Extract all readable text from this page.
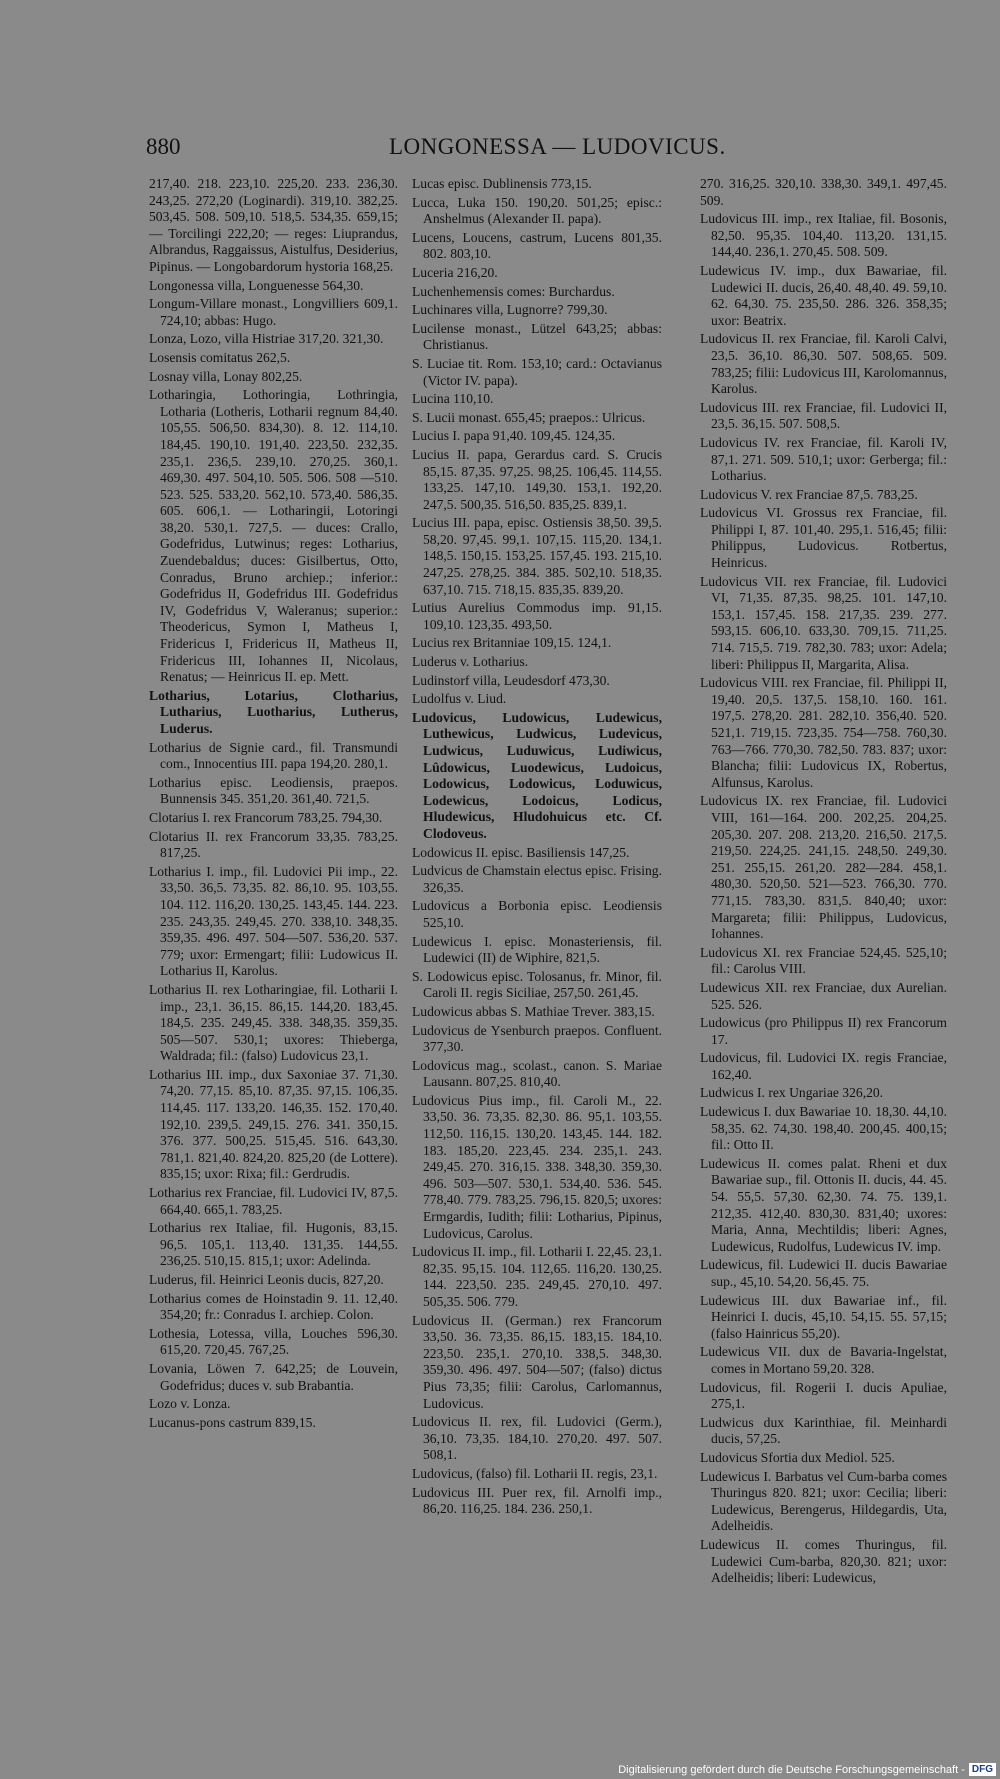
880	LONGONESSA — LUDOVICUS.

217,40. 218. 223,10. 225,20. 233. 236,30. 243,25. 272,20 (Loginardi). 319,10. 382,25. 503,45. 508. 509,10. 518,5. 534,35. 659,15; — Torcilingi 222,20; — reges: Liuprandus, Albrandus, Raggaissus, Aistulfus, Desiderius, Pipinus. — Longobardorum hystoria 168,25.

Longonessa villa, Longuenesse 564,30.

Longum-Villare monast., Longvilliers 609,1. 724,10; abbas: Hugo.

Lonza, Lozo, villa Histriae 317,20. 321,30.

Losensis comitatus 262,5.

Losnay villa, Lonay 802,25.

Lotharingia, Lothoringia, Lothringia, Lotharia (Lotheris, Lotharii regnum 84,40. 105,55. 506,50. 834,30). 8. 12. 114,10. 184,45. 190,10. 191,40. 223,50. 232,35. 235,1. 236,5. 239,10. 270,25. 360,1. 469,30. 497. 504,10. 505. 506. 508 —510. 523. 525. 533,20. 562,10. 573,40. 586,35. 605. 606,1. — Lotharingii, Lotoringi 38,20. 530,1. 727,5. — duces: Crallo, Godefridus, Lutwinus; reges: Lotharius, Zuendebaldus; duces: Gisilbertus, Otto, Conradus, Bruno archiep.; inferior.: Godefridus II, Godefridus III. Godefridus IV, Godefridus V, Waleranus; superior.: Theodericus, Symon I, Matheus I, Fridericus I, Fridericus II, Matheus II, Fridericus III, Iohannes II, Nicolaus, Renatus; — Heinricus II. ep. Mett.

Lotharius, Lotarius, Clotharius, Lutharius, Luotharius, Lutherus, Luderus.

Lotharius de Signie card., fil. Transmundi com., Innocentius III. papa 194,20. 280,1.

Lotharius episc. Leodiensis, praepos. Bunnensis 345. 351,20. 361,40. 721,5.

Clotarius I. rex Francorum 783,25. 794,30.

Clotarius II. rex Francorum 33,35. 783,25. 817,25.

Lotharius I. imp., fil. Ludovici Pii imp., 22. 33,50. 36,5. 73,35. 82. 86,10. 95. 103,55. 104. 112. 116,20. 130,25. 143,45. 144. 223. 235. 243,35. 249,45. 270. 338,10. 348,35. 359,35. 496. 497. 504—507. 536,20. 537. 779; uxor: Ermengart; filii: Ludowicus II. Lotharius II, Karolus.

Lotharius II. rex Lotharingiae, fil. Lotharii I. imp., 23,1. 36,15. 86,15. 144,20. 183,45. 184,5. 235. 249,45. 338. 348,35. 359,35. 505—507. 530,1; uxores: Thieberga, Waldrada; fil.: (falso) Ludovicus 23,1.

Lotharius III. imp., dux Saxoniae 37. 71,30. 74,20. 77,15. 85,10. 87,35. 97,15. 106,35. 114,45. 117. 133,20. 146,35. 152. 170,40. 192,10. 239,5. 249,15. 276. 341. 350,15. 376. 377. 500,25. 515,45. 516. 643,30. 781,1. 821,40. 824,20. 825,20 (de Lottere). 835,15; uxor: Rixa; fil.: Gerdrudis.

Lotharius rex Franciae, fil. Ludovici IV, 87,5. 664,40. 665,1. 783,25.

Lotharius rex Italiae, fil. Hugonis, 83,15. 96,5. 105,1. 113,40. 131,35. 144,55. 236,25. 510,15. 815,1; uxor: Adelinda.

Luderus, fil. Heinrici Leonis ducis, 827,20.

Lotharius comes de Hoinstadin 9. 11. 12,40. 354,20; fr.: Conradus I. archiep. Colon.

Lothesia, Lotessa, villa, Louches 596,30. 615,20. 720,45. 767,25.

Lovania, Löwen 7. 642,25; de Louvein, Godefridus; duces v. sub Brabantia.

Lozo v. Lonza.

Lucanus-pons castrum 839,15.

Lucas episc. Dublinensis 773,15.

Lucca, Luka 150. 190,20. 501,25; episc.: Anshelmus (Alexander II. papa).

Lucens, Loucens, castrum, Lucens 801,35. 802. 803,10.

Luceria 216,20.

Luchenhemensis comes: Burchardus.

Luchinares villa, Lugnorre? 799,30.

Lucilense monast., Lützel 643,25; abbas: Christianus.

S. Luciae tit. Rom. 153,10; card.: Octavianus (Victor IV. papa).

Lucina 110,10.

S. Lucii monast. 655,45; praepos.: Ulricus.

Lucius I. papa 91,40. 109,45. 124,35.

Lucius II. papa, Gerardus card. S. Crucis 85,15. 87,35. 97,25. 98,25. 106,45. 114,55. 133,25. 147,10. 149,30. 153,1. 192,20. 247,5. 500,35. 516,50. 835,25. 839,1.

Lucius III. papa, episc. Ostiensis 38,50. 39,5. 58,20. 97,45. 99,1. 107,15. 115,20. 134,1. 148,5. 150,15. 153,25. 157,45. 193. 215,10. 247,25. 278,25. 384. 385. 502,10. 518,35. 637,10. 715. 718,15. 835,35. 839,20.

Lutius Aurelius Commodus imp. 91,15. 109,10. 123,35. 493,50.

Lucius rex Britanniae 109,15. 124,1.

Luderus v. Lotharius.

Ludinstorf villa, Leudesdorf 473,30.

Ludolfus v. Liud.

Ludovicus, Ludowicus, Ludewicus, Luthewicus, Ludwicus, Ludevicus, Ludwicus, Luduwicus, Ludiwicus, Lûdowicus, Luodewicus, Ludoicus, Lodowicus, Lodowicus, Loduwicus, Lodewicus, Lodoicus, Lodicus, Hludewicus, Hludohuicus etc. Cf. Clodoveus.

Lodowicus II. episc. Basiliensis 147,25.

Ludvicus de Chamstain electus episc. Frising. 326,35.

Ludovicus a Borbonia episc. Leodiensis 525,10.

Ludewicus I. episc. Monasteriensis, fil. Ludewici (II) de Wiphire, 821,5.

S. Lodowicus episc. Tolosanus, fr. Minor, fil. Caroli II. regis Siciliae, 257,50. 261,45.

Ludowicus abbas S. Mathiae Trever. 383,15.

Ludovicus de Ysenburch praepos. Confluent. 377,30.

Lodovicus mag., scolast., canon. S. Mariae Lausann. 807,25. 810,40.

Ludovicus Pius imp., fil. Caroli M., 22. 33,50. 36. 73,35. 82,30. 86. 95,1. 103,55. 112,50. 116,15. 130,20. 143,45. 144. 182. 183. 185,20. 223,45. 234. 235,1. 243. 249,45. 270. 316,15. 338. 348,30. 359,30. 496. 503—507. 530,1. 534,40. 536. 545. 778,40. 779. 783,25. 796,15. 820,5; uxores: Ermgardis, Iudith; filii: Lotharius, Pipinus, Ludovicus, Carolus.

Ludovicus II. imp., fil. Lotharii I. 22,45. 23,1. 82,35. 95,15. 104. 112,65. 116,20. 130,25. 144. 223,50. 235. 249,45. 270,10. 497. 505,35. 506. 779.

Ludovicus II. (German.) rex Francorum 33,50. 36. 73,35. 86,15. 183,15. 184,10. 223,50. 235,1. 270,10. 338,5. 348,30. 359,30. 496. 497. 504—507; (falso) dictus Pius 73,35; filii: Carolus, Carlomannus, Ludovicus.

Ludovicus II. rex, fil. Ludovici (Germ.), 36,10. 73,35. 184,10. 270,20. 497. 507. 508,1.

Ludovicus, (falso) fil. Lotharii II. regis, 23,1.

Ludovicus III. Puer rex, fil. Arnolfi imp., 86,20. 116,25. 184. 236. 250,1.

270. 316,25. 320,10. 338,30. 349,1. 497,45. 509.

Ludovicus III. imp., rex Italiae, fil. Bosonis, 82,50. 95,35. 104,40. 113,20. 131,15. 144,40. 236,1. 270,45. 508. 509.

Ludewicus IV. imp., dux Bawariae, fil. Ludewici II. ducis, 26,40. 48,40. 49. 59,10. 62. 64,30. 75. 235,50. 286. 326. 358,35; uxor: Beatrix.

Ludovicus II. rex Franciae, fil. Karoli Calvi, 23,5. 36,10. 86,30. 507. 508,65. 509. 783,25; filii: Ludovicus III, Karolomannus, Karolus.

Ludovicus III. rex Franciae, fil. Ludovici II, 23,5. 36,15. 507. 508,5.

Ludovicus IV. rex Franciae, fil. Karoli IV, 87,1. 271. 509. 510,1; uxor: Gerberga; fil.: Lotharius.

Ludovicus V. rex Franciae 87,5. 783,25.

Ludovicus VI. Grossus rex Franciae, fil. Philippi I, 87. 101,40. 295,1. 516,45; filii: Philippus, Ludovicus. Rotbertus, Heinricus.

Ludovicus VII. rex Franciae, fil. Ludovici VI, 71,35. 87,35. 98,25. 101. 147,10. 153,1. 157,45. 158. 217,35. 239. 277. 593,15. 606,10. 633,30. 709,15. 711,25. 714. 715,5. 719. 782,30. 783; uxor: Adela; liberi: Philippus II, Margarita, Alisa.

Ludovicus VIII. rex Franciae, fil. Philippi II, 19,40. 20,5. 137,5. 158,10. 160. 161. 197,5. 278,20. 281. 282,10. 356,40. 520. 521,1. 719,15. 723,35. 754—758. 760,30. 763—766. 770,30. 782,50. 783. 837; uxor: Blancha; filii: Ludovicus IX, Robertus, Alfunsus, Karolus.

Ludovicus IX. rex Franciae, fil. Ludovici VIII, 161—164. 200. 202,25. 204,25. 205,30. 207. 208. 213,20. 216,50. 217,5. 219,50. 224,25. 241,15. 248,50. 249,30. 251. 255,15. 261,20. 282—284. 458,1. 480,30. 520,50. 521—523. 766,30. 770. 771,15. 783,30. 831,5. 840,40; uxor: Margareta; filii: Philippus, Ludovicus, Iohannes.

Ludovicus XI. rex Franciae 524,45. 525,10; fil.: Carolus VIII.

Ludewicus XII. rex Franciae, dux Aurelian. 525. 526.

Ludowicus (pro Philippus II) rex Francorum 17.

Ludovicus, fil. Ludovici IX. regis Franciae, 162,40.

Ludwicus I. rex Ungariae 326,20.

Ludewicus I. dux Bawariae 10. 18,30. 44,10. 58,35. 62. 74,30. 198,40. 200,45. 400,15; fil.: Otto II.

Ludewicus II. comes palat. Rheni et dux Bawariae sup., fil. Ottonis II. ducis, 44. 45. 54. 55,5. 57,30. 62,30. 74. 75. 139,1. 212,35. 412,40. 830,30. 831,40; uxores: Maria, Anna, Mechtildis; liberi: Agnes, Ludewicus, Rudolfus, Ludewicus IV. imp.

Ludewicus, fil. Ludewici II. ducis Bawariae sup., 45,10. 54,20. 56,45. 75.

Ludewicus III. dux Bawariae inf., fil. Heinrici I. ducis, 45,10. 54,15. 55. 57,15; (falso Hainricus 55,20).

Ludewicus VII. dux de Bavaria-Ingelstat, comes in Mortano 59,20. 328.

Ludovicus, fil. Rogerii I. ducis Apuliae, 275,1.

Ludwicus dux Karinthiae, fil. Meinhardi ducis, 57,25.

Ludovicus Sfortia dux Mediol. 525.

Ludewicus I. Barbatus vel Cum-barba comes Thuringus 820. 821; uxor: Cecilia; liberi: Ludewicus, Berengerus, Hildegardis, Uta, Adelheidis.

Ludewicus II. comes Thuringus, fil. Ludewici Cum-barba, 820,30. 821; uxor: Adelheidis; liberi: Ludewicus,

Digitalisierung gefördert durch die Deutsche Forschungsgemeinschaft - DFG
